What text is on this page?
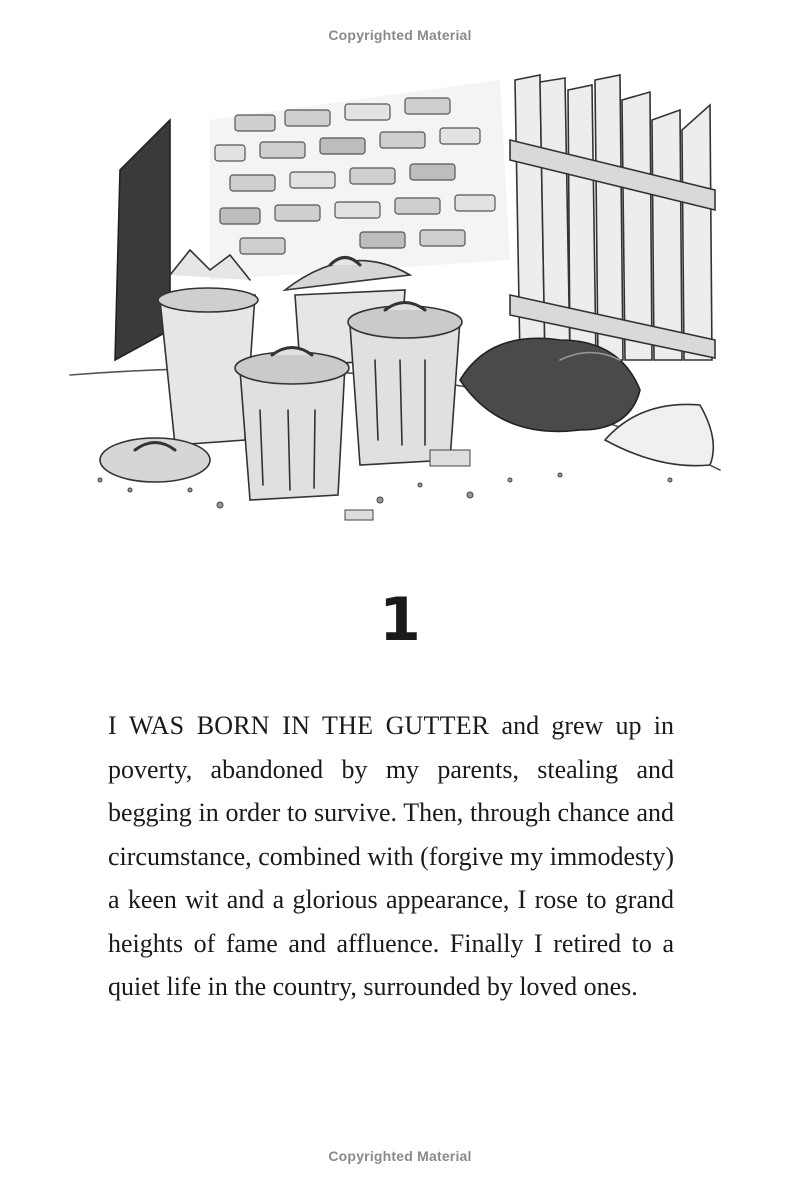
Copyrighted Material
1

I WAS BORN IN THE GUTTER and grew up in poverty, abandoned by my parents, stealing and begging in order to survive. Then, through chance and circumstance, combined with (forgive my immodesty) a keen wit and a glorious appearance, I rose to grand heights of fame and affluence. Finally I retired to a quiet life in the country, surrounded by loved ones.

Copyrighted Material
